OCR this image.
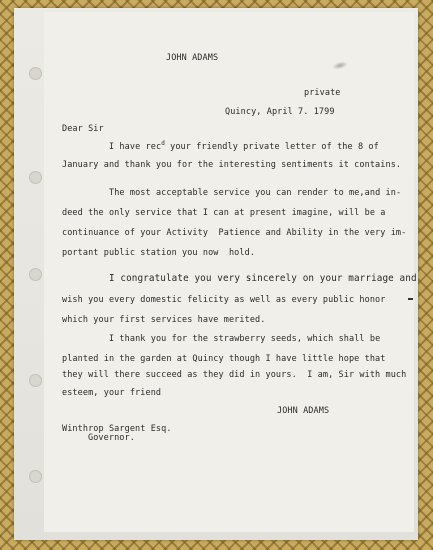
JOHN ADAMS

private

Quincy, April 7. 1799

Dear Sir

I have rec$^d$ your friendly private letter of the 8 of

January and thank you for the interesting sentiments it contains.

The most acceptable service you can render to me,and in-

deed the only service that I can at present imagine, will be a

continuance of your Activity  Patience and Ability in the very im-

portant public station you now  hold.

I congratulate you very sincerely on your marriage and

wish you every domestic felicity as well as every public honor

which your first services have merited.

I thank you for the strawberry seeds, which shall be

planted in the garden at Quincy though I have little hope that

they will there succeed as they did in yours.  I am, Sir with much

esteem, your friend

JOHN ADAMS

Winthrop Sargent Esq.

Governor.
